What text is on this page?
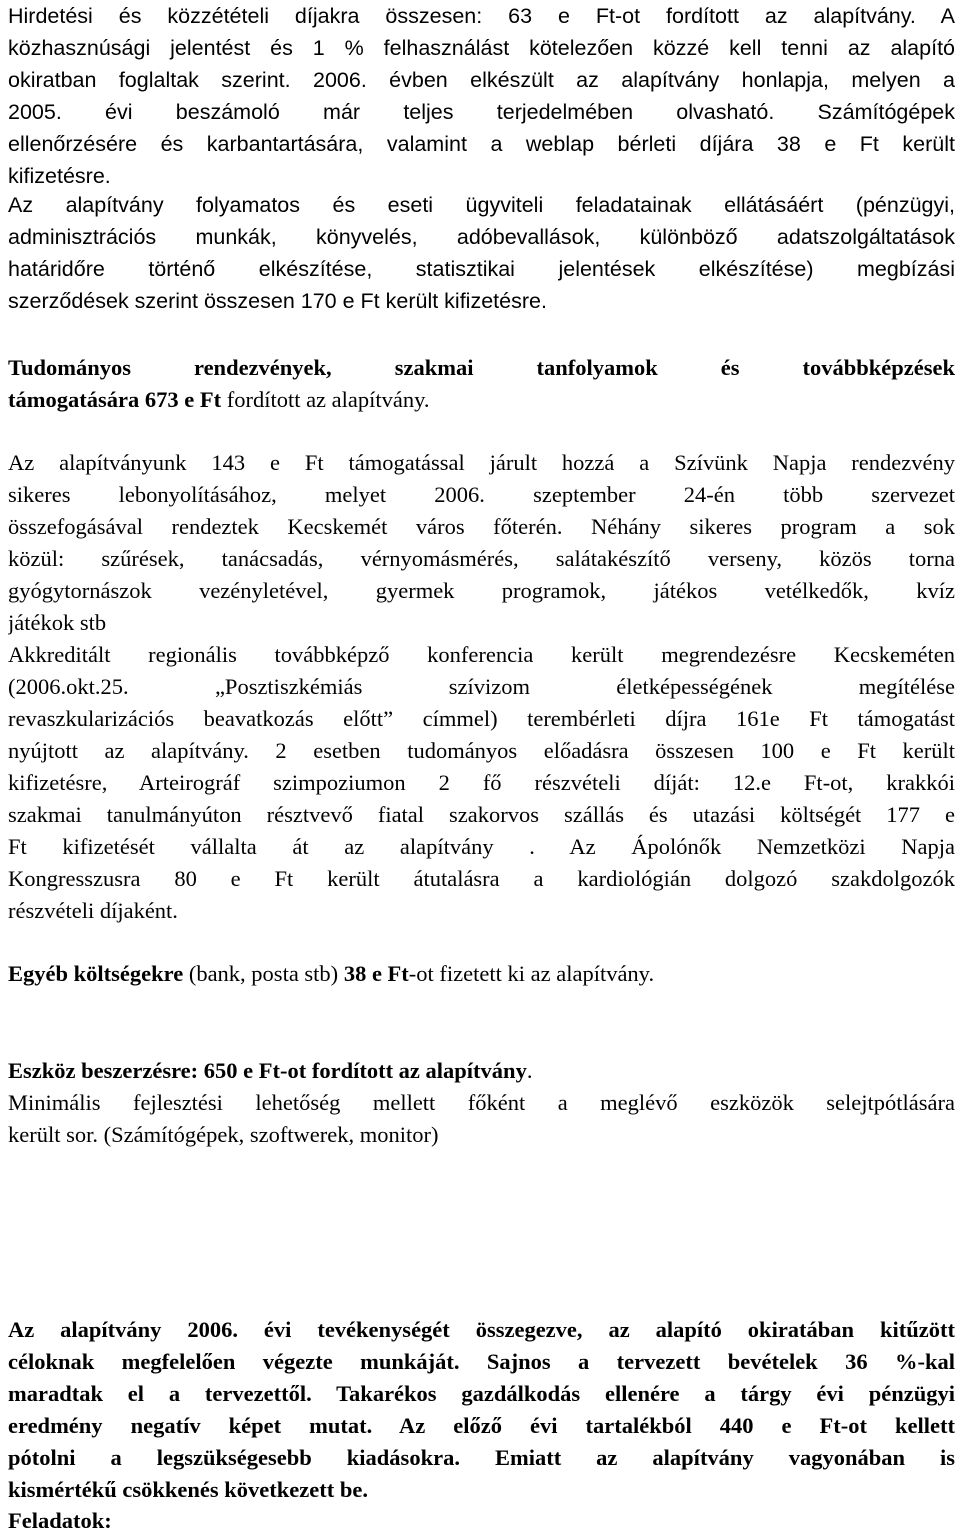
Hirdetési és közzétételi díjakra összesen: 63 e Ft-ot fordított az alapítvány. A
közhasznúsági jelentést és 1 % felhasználást kötelezően közzé kell tenni az alapító
okiratban foglaltak szerint. 2006. évben elkészült az alapítvány honlapja, melyen a
2005. évi beszámoló már teljes terjedelmében olvasható. Számítógépek
ellenőrzésére és karbantartására, valamint a weblap bérleti díjára 38 e Ft került
kifizetésre.
Az alapítvány folyamatos és eseti ügyviteli feladatainak ellátásáért (pénzügyi,
adminisztrációs munkák, könyvelés, adóbevallások, különböző adatszolgáltatások
határidőre történő elkészítése, statisztikai jelentések elkészítése) megbízási
szerződések szerint összesen 170 e Ft került kifizetésre.
Tudományos rendezvények, szakmai tanfolyamok és továbbképzések
támogatására 673 e Ft fordított az alapítvány.
Az alapítványunk 143 e Ft támogatással járult hozzá a Szívünk Napja rendezvény
sikeres lebonyolításához, melyet 2006. szeptember 24-én több szervezet
összefogásával rendeztek Kecskemét város főterén. Néhány sikeres program a sok
közül: szűrések, tanácsadás, vérnyomásmérés, salátakészítő verseny, közös torna
gyógytornászok vezényletével, gyermek programok, játékos vetélkedők, kvíz
játékok stb
Akkreditált regionális továbbképző konferencia került megrendezésre Kecskeméten
(2006.okt.25. „Posztiszkémiás szívizom életképességének megítélése
revaszkularizációs beavatkozás előtt” címmel) terembérleti díjra 161e Ft támogatást
nyújtott az alapítvány. 2 esetben tudományos előadásra összesen 100 e Ft került
kifizetésre, Arteirográf szimpoziumon 2 fő részvételi díját: 12.e Ft-ot, krakkói
szakmai tanulmányúton résztvevő fiatal szakorvos szállás és utazási költségét 177 e
Ft kifizetését vállalta át az alapítvány . Az Ápolónők Nemzetközi Napja
Kongresszusra 80 e Ft került átutalásra a kardiológián dolgozó szakdolgozók
részvételi díjaként.
Egyéb költségekre (bank, posta stb) 38 e Ft-ot fizetett ki az alapítvány.
Eszköz beszerzésre: 650 e Ft-ot fordított az alapítvány.
Minimális fejlesztési lehetőség mellett főként a meglévő eszközök selejtpótlására
került sor. (Számítógépek, szoftwerek, monitor)
Az alapítvány 2006. évi tevékenységét összegezve, az alapító okiratában kitűzött
céloknak megfelelően végezte munkáját. Sajnos a tervezett bevételek 36 %-kal
maradtak el a tervezettől. Takarékos gazdálkodás ellenére a tárgy évi pénzügyi
eredmény negatív képet mutat. Az előző évi tartalékból 440 e Ft-ot kellett
pótolni a legszükségesebb kiadásokra. Emiatt az alapítvány vagyonában is
kismértékű csökkenés következett be.
Feladatok:
